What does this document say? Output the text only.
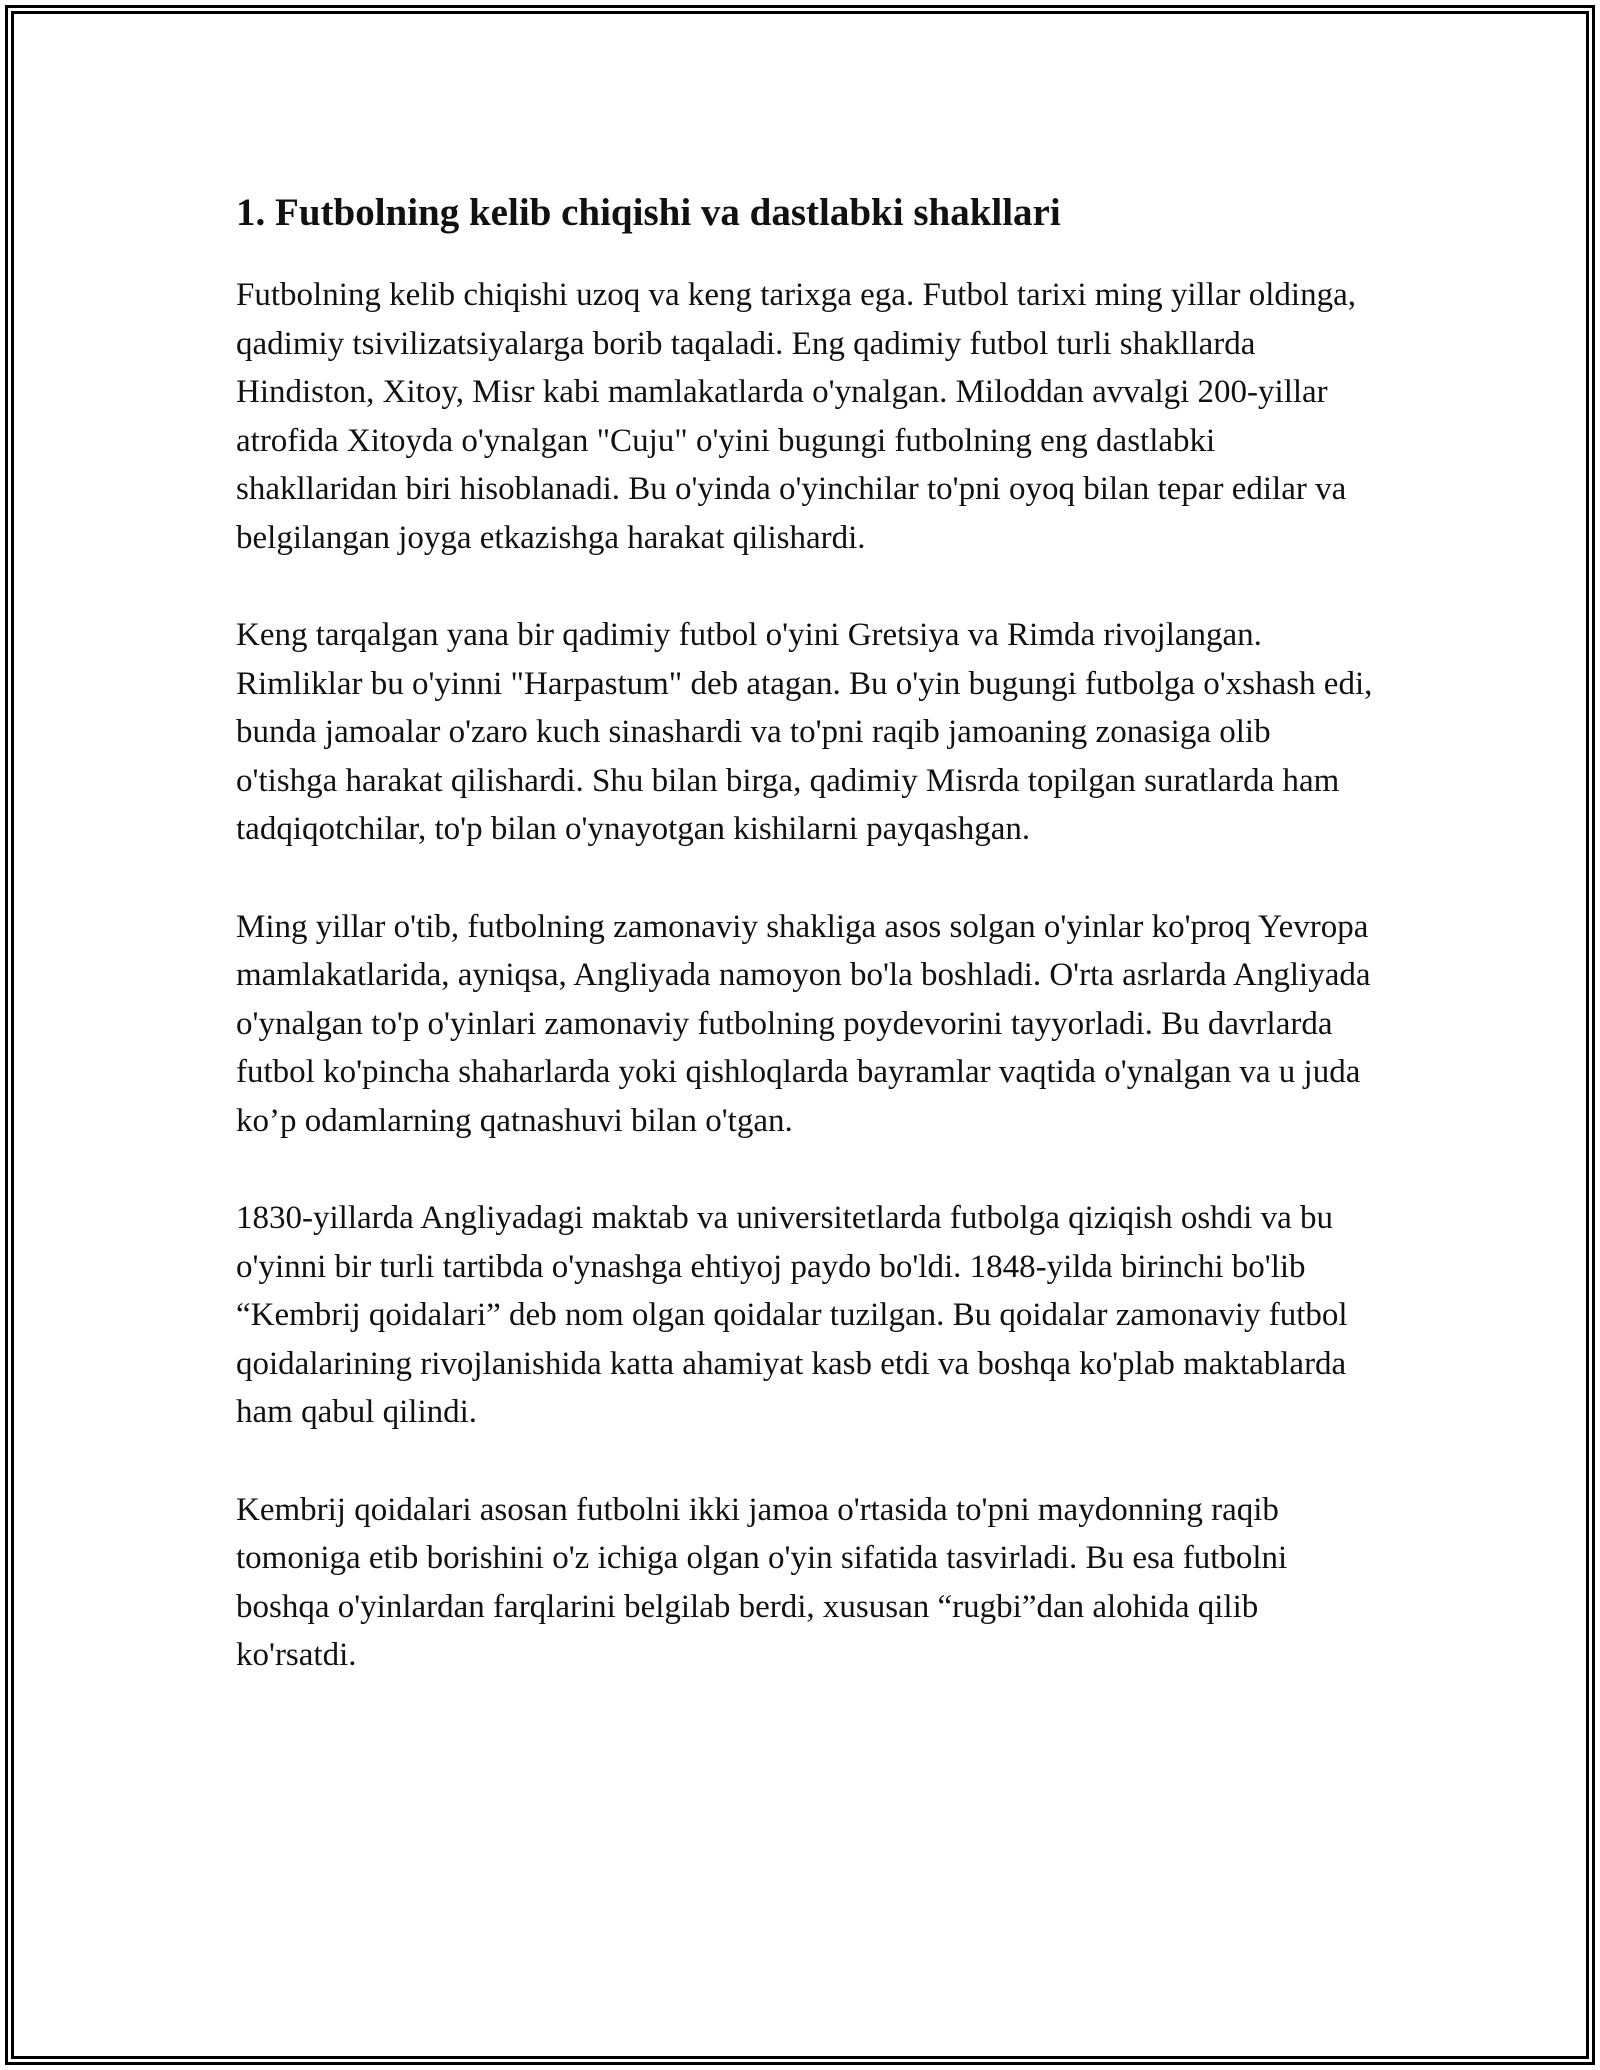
1. Futbolning kelib chiqishi va dastlabki shakllari

Futbolning kelib chiqishi uzoq va keng tarixga ega. Futbol tarixi ming yillar oldinga, qadimiy tsivilizatsiyalarga borib taqaladi. Eng qadimiy futbol turli shakllarda Hindiston, Xitoy, Misr kabi mamlakatlarda o'ynalgan. Miloddan avvalgi 200-yillar atrofida Xitoyda o'ynalgan "Cuju" o'yini bugungi futbolning eng dastlabki shakllaridan biri hisoblanadi. Bu o'yinda o'yinchilar to'pni oyoq bilan tepar edilar va belgilangan joyga etkazishga harakat qilishardi.

Keng tarqalgan yana bir qadimiy futbol o'yini Gretsiya va Rimda rivojlangan. Rimliklar bu o'yinni "Harpastum" deb atagan. Bu o'yin bugungi futbolga o'xshash edi, bunda jamoalar o'zaro kuch sinashardi va to'pni raqib jamoaning zonasiga olib o'tishga harakat qilishardi. Shu bilan birga, qadimiy Misrda topilgan suratlarda ham tadqiqotchilar, to'p bilan o'ynayotgan kishilarni payqashgan.

Ming yillar o'tib, futbolning zamonaviy shakliga asos solgan o'yinlar ko'proq Yevropa mamlakatlarida, ayniqsa, Angliyada namoyon bo'la boshladi. O'rta asrlarda Angliyada o'ynalgan to'p o'yinlari zamonaviy futbolning poydevorini tayyorladi. Bu davrlarda futbol ko'pincha shaharlarda yoki qishloqlarda bayramlar vaqtida o'ynalgan va u juda ko’p odamlarning qatnashuvi bilan o'tgan.

1830-yillarda Angliyadagi maktab va universitetlarda futbolga qiziqish oshdi va bu o'yinni bir turli tartibda o'ynashga ehtiyoj paydo bo'ldi. 1848-yilda birinchi bo'lib “Kembrij qoidalari” deb nom olgan qoidalar tuzilgan. Bu qoidalar zamonaviy futbol qoidalarining rivojlanishida katta ahamiyat kasb etdi va boshqa ko'plab maktablarda ham qabul qilindi.

Kembrij qoidalari asosan futbolni ikki jamoa o'rtasida to'pni maydonning raqib tomoniga etib borishini o'z ichiga olgan o'yin sifatida tasvirladi. Bu esa futbolni boshqa o'yinlardan farqlarini belgilab berdi, xususan “rugbi”dan alohida qilib ko'rsatdi.
